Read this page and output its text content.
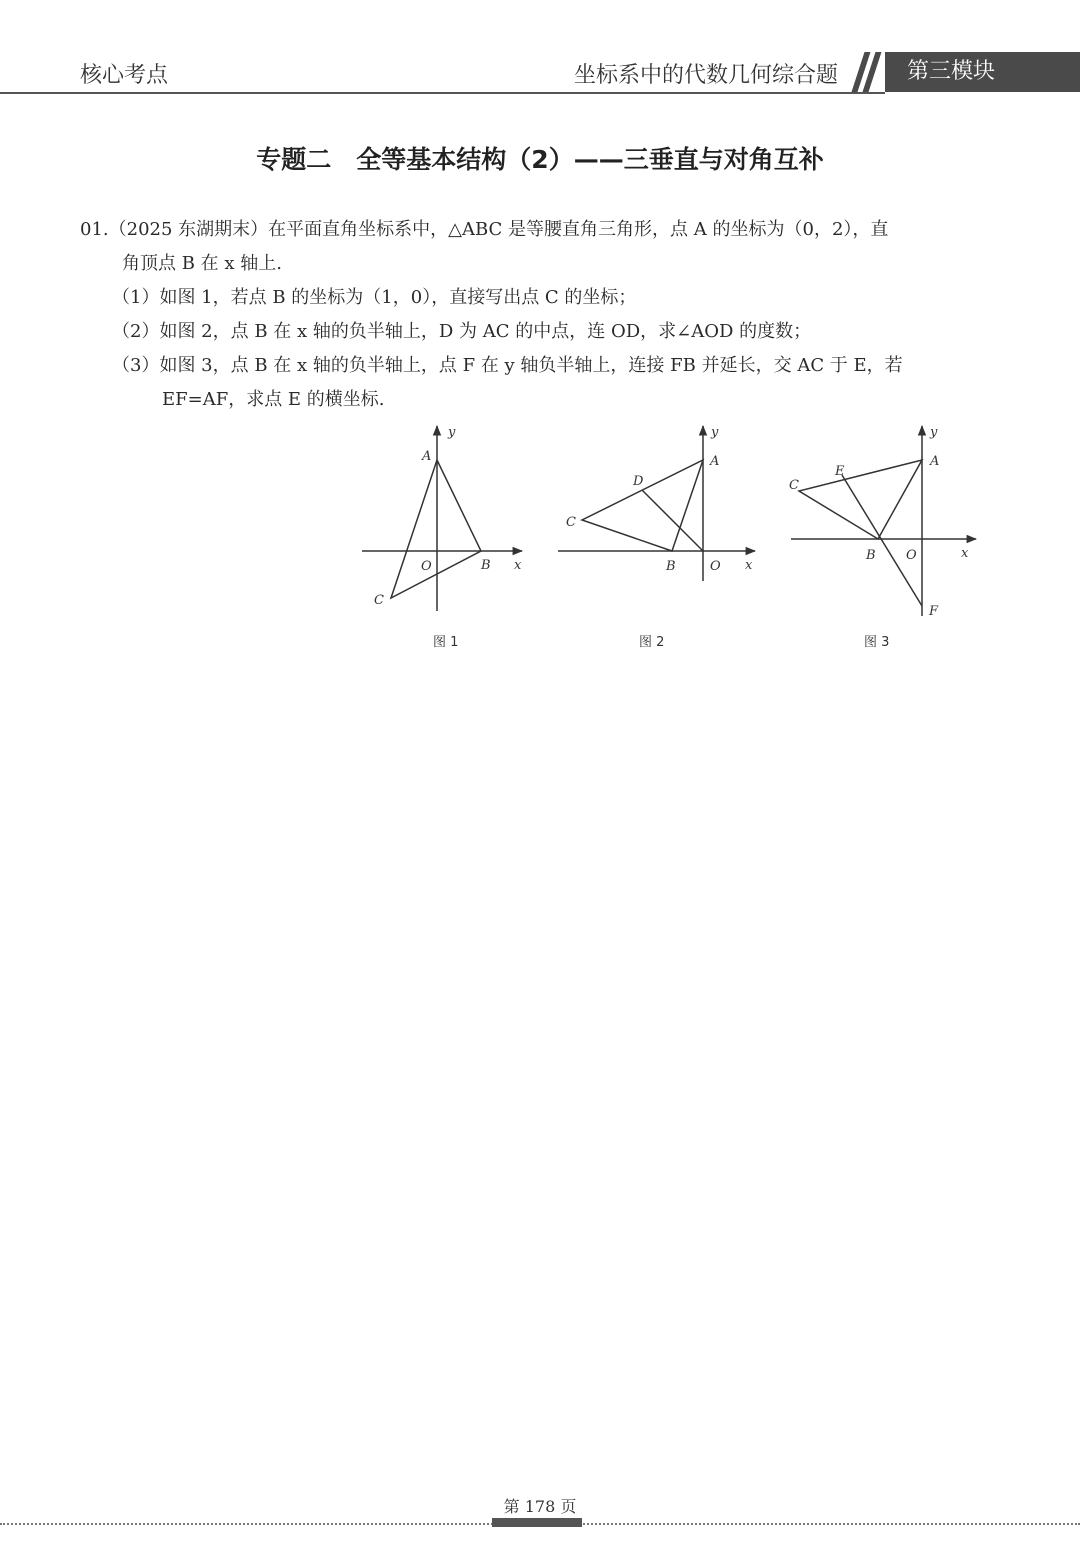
核心考点	坐标系中的代数几何综合题	第三模块
专题二　全等基本结构（2）——三垂直与对角互补
01.（2025 东湖期末）在平面直角坐标系中，△ABC 是等腰直角三角形，点 A 的坐标为（0，2），直
角顶点 B 在 x 轴上.
（1）如图 1，若点 B 的坐标为（1，0），直接写出点 C 的坐标；
（2）如图 2，点 B 在 x 轴的负半轴上，D 为 AC 的中点，连 OD，求∠AOD 的度数；
（3）如图 3，点 B 在 x 轴的负半轴上，点 F 在 y 轴负半轴上，连接 FB 并延长，交 AC 于 E，若
EF=AF，求点 E 的横坐标.
y
A
O	B x
C
图 1
y
A
D
C
B	O x
图 2
y
A
E
C
B O	x
F
图 3
第 178 页
